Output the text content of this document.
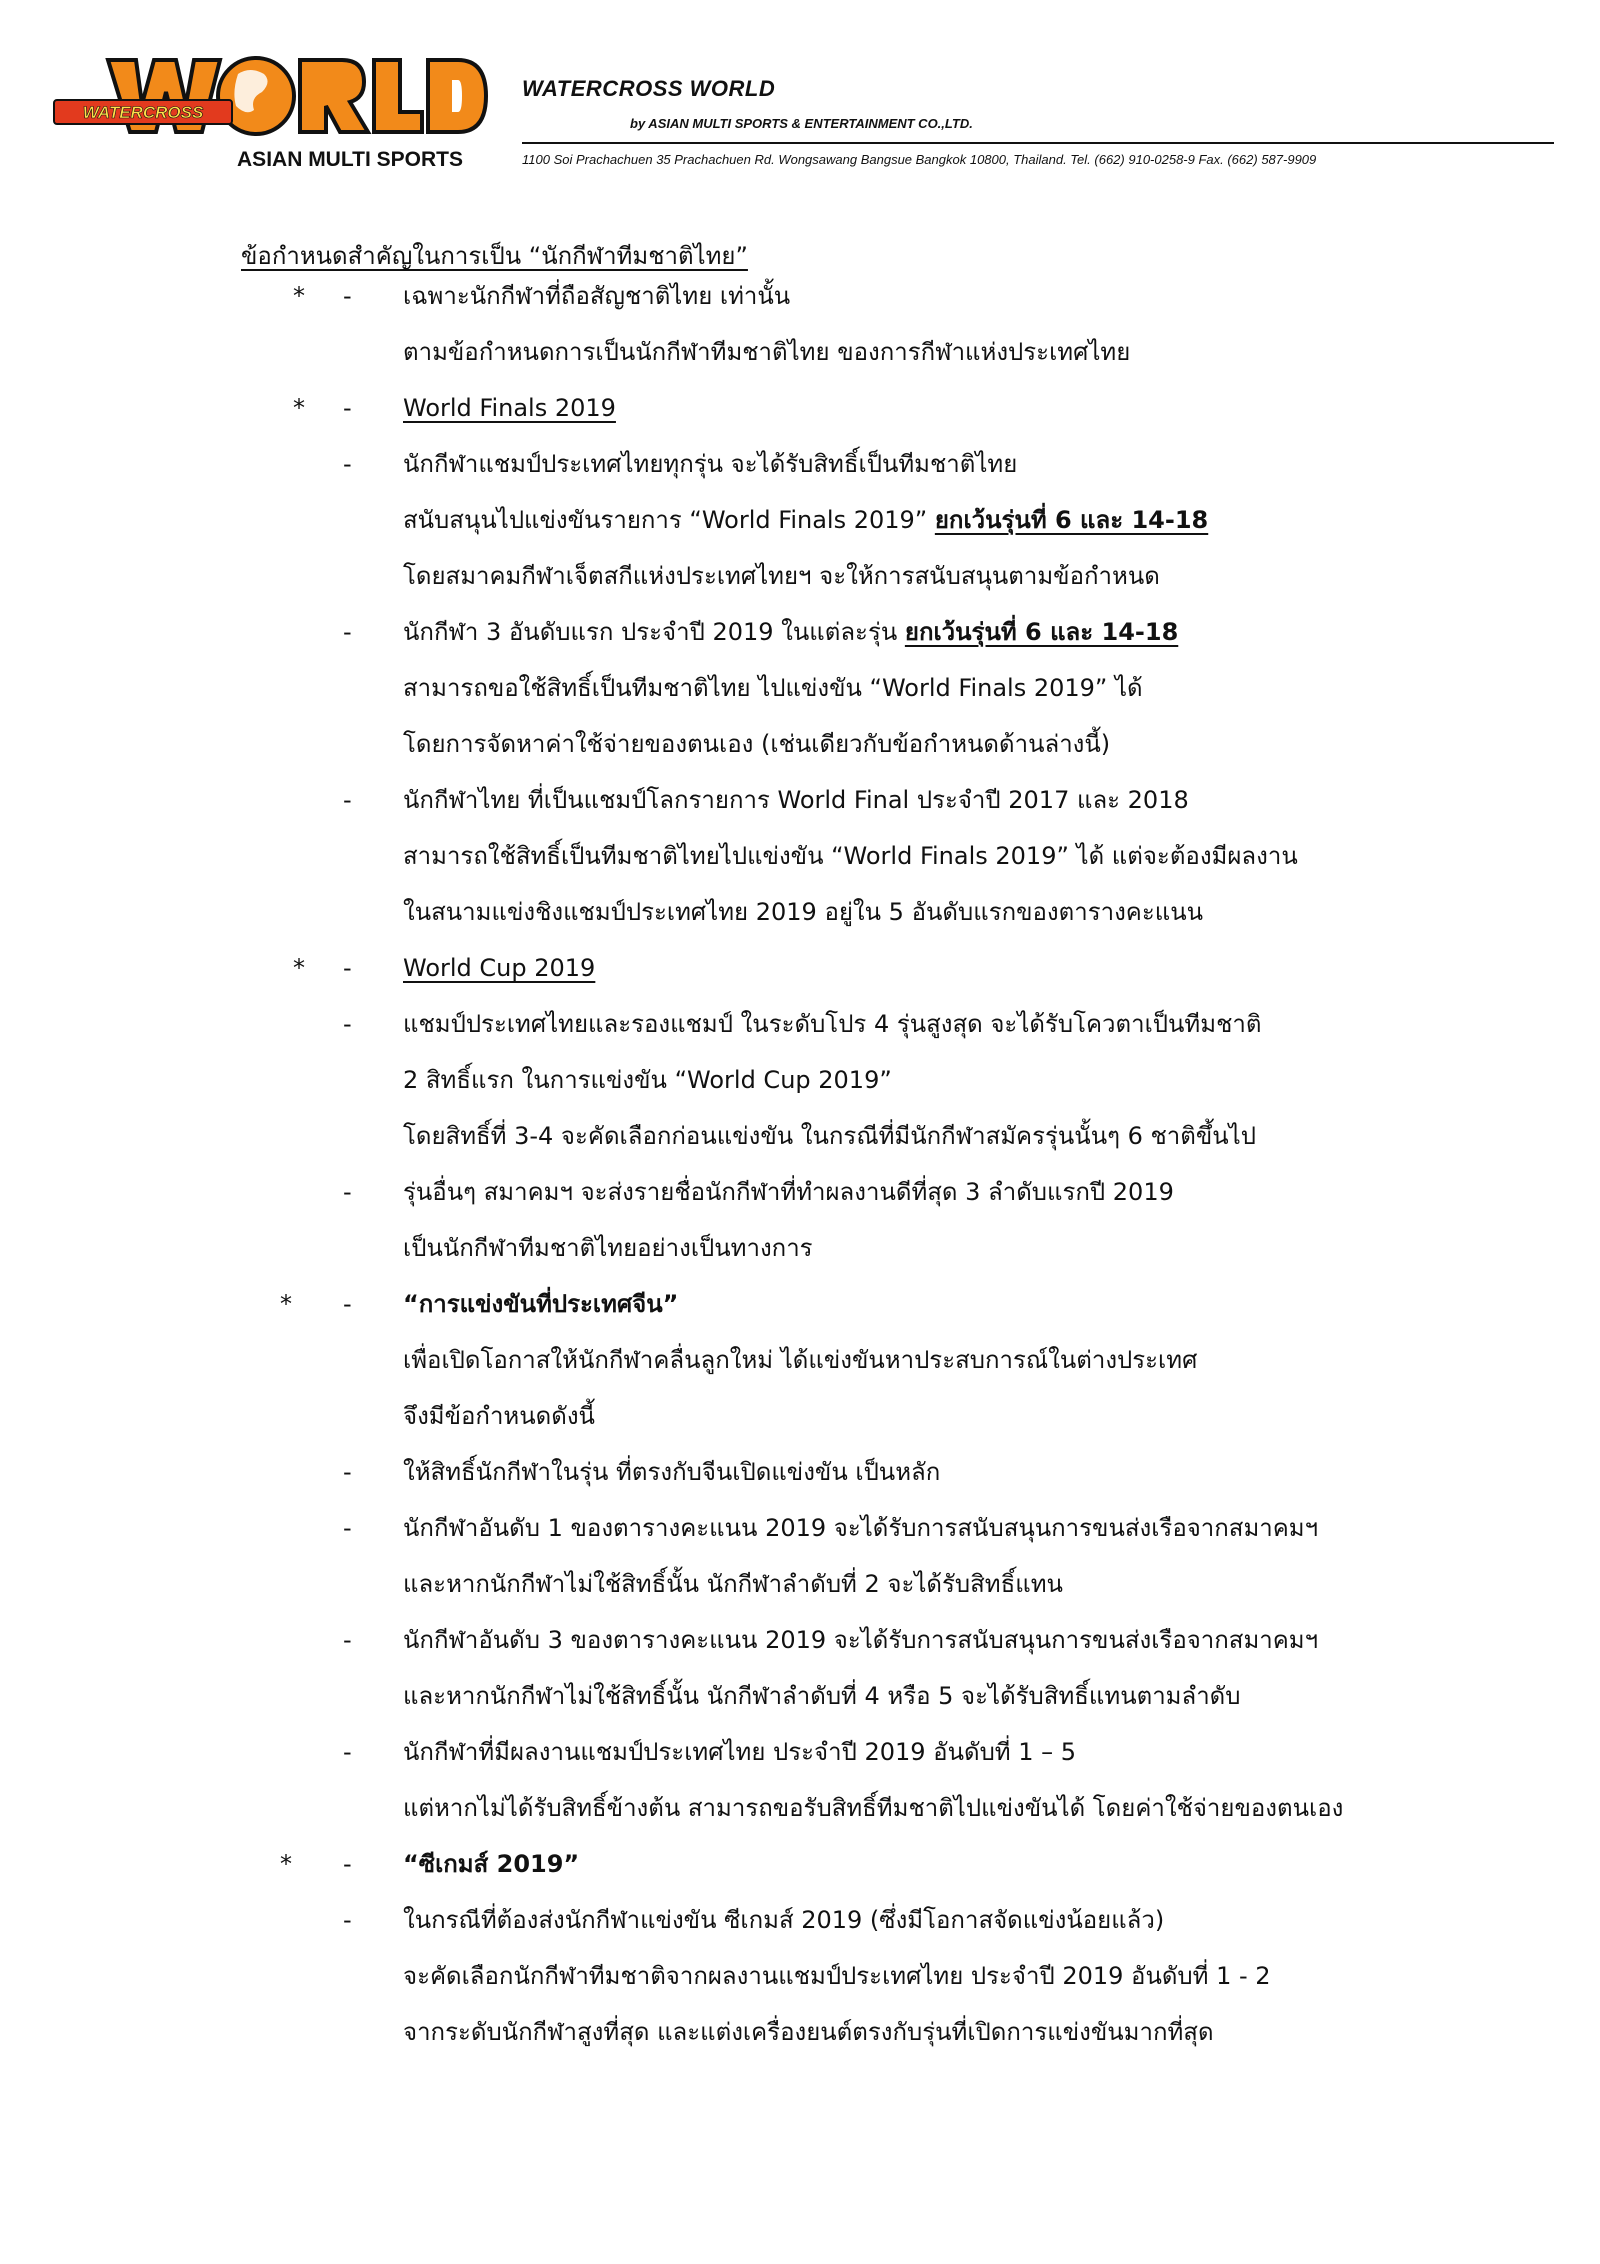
WATERCROSS
ASIAN MULTI SPORTS
WATERCROSS WORLD
by ASIAN MULTI SPORTS & ENTERTAINMENT CO.,LTD.
1100 Soi Prachachuen 35 Prachachuen Rd. Wongsawang Bangsue Bangkok 10800, Thailand. Tel. (662) 910-0258-9 Fax. (662) 587-9909
ข้อกำหนดสำคัญในการเป็น “นักกีฬาทีมชาติไทย”
* - เฉพาะนักกีฬาที่ถือสัญชาติไทย เท่านั้น
ตามข้อกำหนดการเป็นนักกีฬาทีมชาติไทย ของการกีฬาแห่งประเทศไทย
* - World Finals 2019
- นักกีฬาแชมป์ประเทศไทยทุกรุ่น จะได้รับสิทธิ์เป็นทีมชาติไทย
สนับสนุนไปแข่งขันรายการ “World Finals 2019” ยกเว้นรุ่นที่ 6 และ 14-18
โดยสมาคมกีฬาเจ็ตสกีแห่งประเทศไทยฯ จะให้การสนับสนุนตามข้อกำหนด
- นักกีฬา 3 อันดับแรก ประจำปี 2019 ในแต่ละรุ่น ยกเว้นรุ่นที่ 6 และ 14-18
สามารถขอใช้สิทธิ์เป็นทีมชาติไทย ไปแข่งขัน “World Finals 2019” ได้
โดยการจัดหาค่าใช้จ่ายของตนเอง (เช่นเดียวกับข้อกำหนดด้านล่างนี้)
- นักกีฬาไทย ที่เป็นแชมป์โลกรายการ World Final ประจำปี 2017 และ 2018
สามารถใช้สิทธิ์เป็นทีมชาติไทยไปแข่งขัน “World Finals 2019” ได้ แต่จะต้องมีผลงาน
ในสนามแข่งชิงแชมป์ประเทศไทย 2019 อยู่ใน 5 อันดับแรกของตารางคะแนน
* - World Cup 2019
- แชมป์ประเทศไทยและรองแชมป์ ในระดับโปร 4 รุ่นสูงสุด จะได้รับโควตาเป็นทีมชาติ
2 สิทธิ์แรก ในการแข่งขัน “World Cup 2019”
โดยสิทธิ์ที่ 3-4 จะคัดเลือกก่อนแข่งขัน ในกรณีที่มีนักกีฬาสมัครรุ่นนั้นๆ 6 ชาติขึ้นไป
- รุ่นอื่นๆ สมาคมฯ จะส่งรายชื่อนักกีฬาที่ทำผลงานดีที่สุด 3 ลำดับแรกปี 2019
เป็นนักกีฬาทีมชาติไทยอย่างเป็นทางการ
* - “การแข่งขันที่ประเทศจีน”
เพื่อเปิดโอกาสให้นักกีฬาคลื่นลูกใหม่ ได้แข่งขันหาประสบการณ์ในต่างประเทศ
จึงมีข้อกำหนดดังนี้
- ให้สิทธิ์นักกีฬาในรุ่น ที่ตรงกับจีนเปิดแข่งขัน เป็นหลัก
- นักกีฬาอันดับ 1 ของตารางคะแนน 2019 จะได้รับการสนับสนุนการขนส่งเรือจากสมาคมฯ
และหากนักกีฬาไม่ใช้สิทธิ์นั้น นักกีฬาลำดับที่ 2 จะได้รับสิทธิ์แทน
- นักกีฬาอันดับ 3 ของตารางคะแนน 2019 จะได้รับการสนับสนุนการขนส่งเรือจากสมาคมฯ
และหากนักกีฬาไม่ใช้สิทธิ์นั้น นักกีฬาลำดับที่ 4 หรือ 5 จะได้รับสิทธิ์แทนตามลำดับ
- นักกีฬาที่มีผลงานแชมป์ประเทศไทย ประจำปี 2019 อันดับที่ 1 – 5
แต่หากไม่ได้รับสิทธิ์ข้างต้น สามารถขอรับสิทธิ์ทีมชาติไปแข่งขันได้ โดยค่าใช้จ่ายของตนเอง
* - “ซีเกมส์ 2019”
- ในกรณีที่ต้องส่งนักกีฬาแข่งขัน ซีเกมส์ 2019 (ซึ่งมีโอกาสจัดแข่งน้อยแล้ว)
จะคัดเลือกนักกีฬาทีมชาติจากผลงานแชมป์ประเทศไทย ประจำปี 2019 อันดับที่ 1 - 2
จากระดับนักกีฬาสูงที่สุด และแต่งเครื่องยนต์ตรงกับรุ่นที่เปิดการแข่งขันมากที่สุด
